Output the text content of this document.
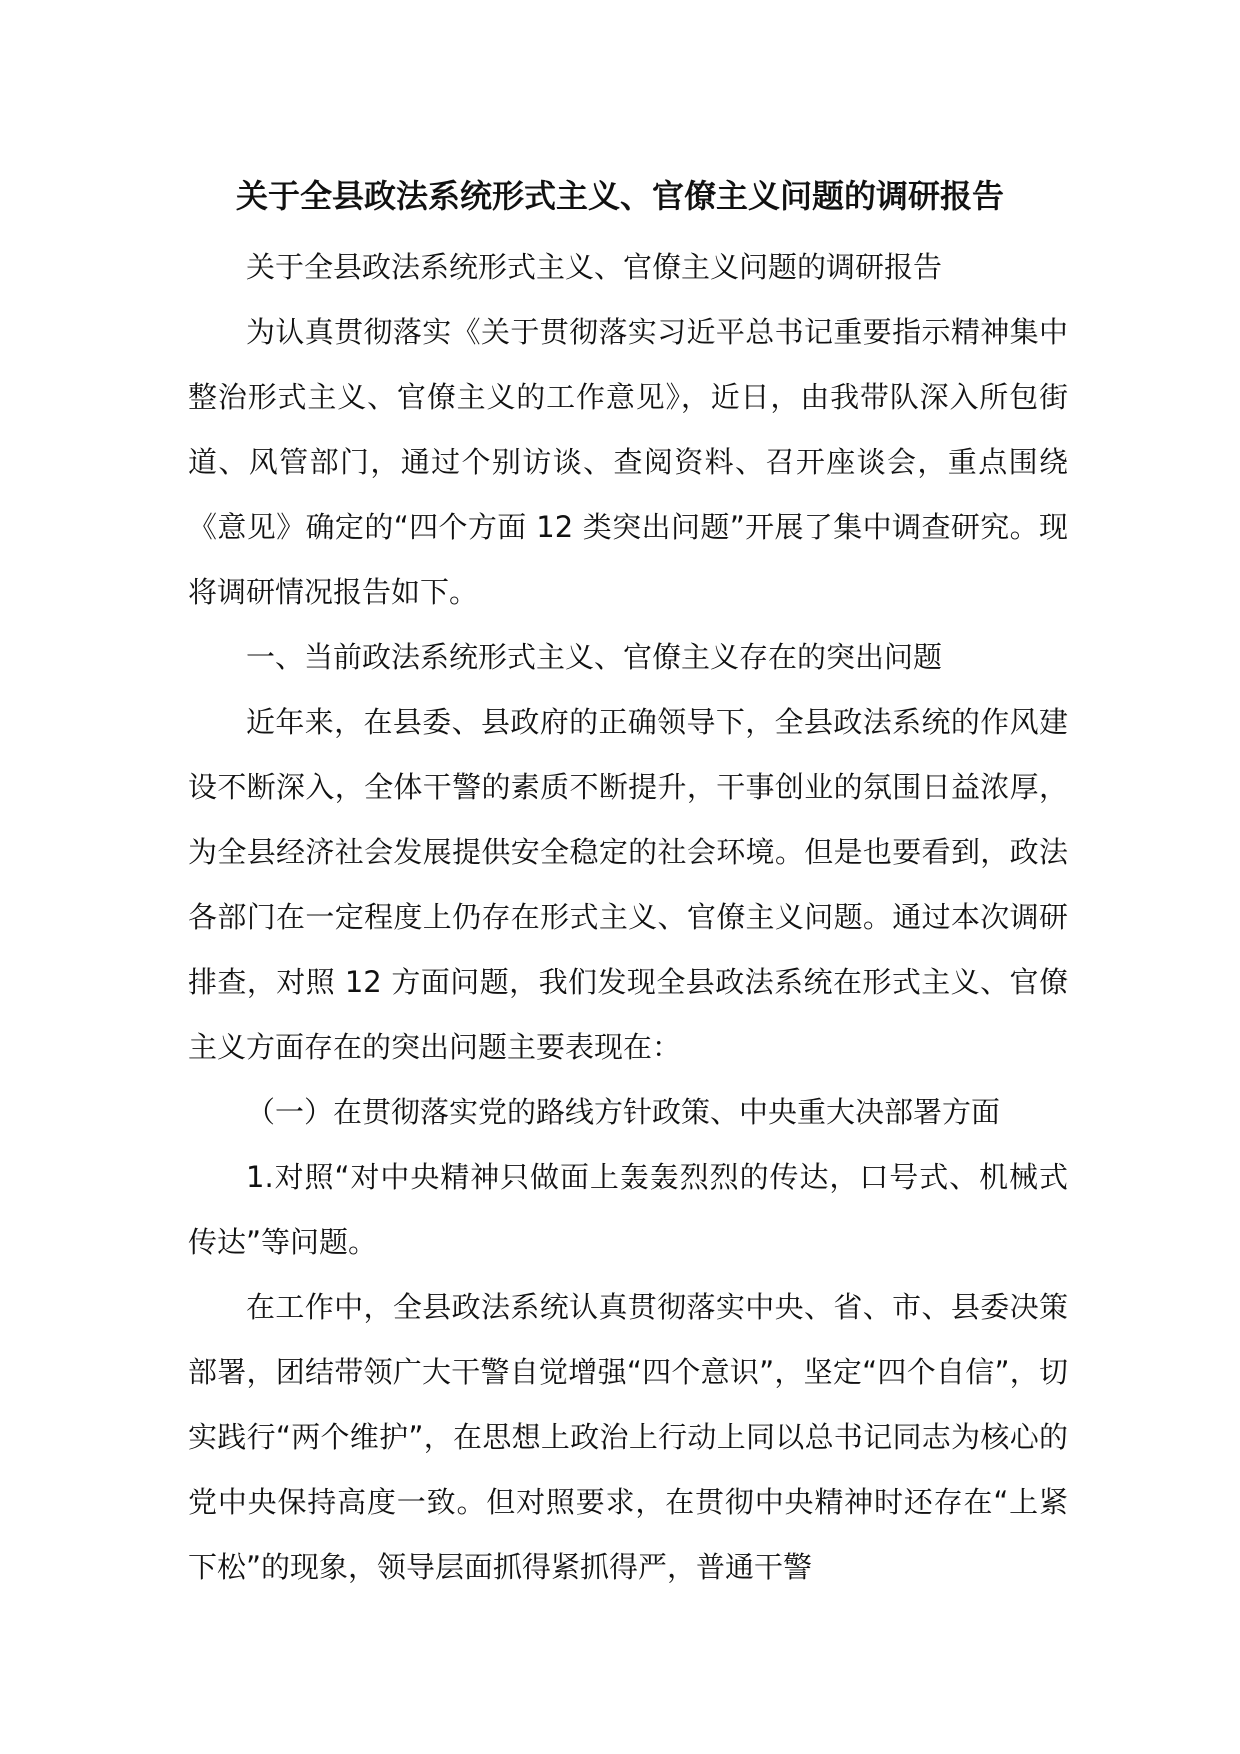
关于全县政法系统形式主义、官僚主义问题的调研报告

关于全县政法系统形式主义、官僚主义问题的调研报告

为认真贯彻落实《关于贯彻落实习近平总书记重要指示精神集中整治形式主义、官僚主义的工作意见》，近日，由我带队深入所包街道、风管部门，通过个别访谈、查阅资料、召开座谈会，重点围绕《意见》确定的“四个方面 12 类突出问题”开展了集中调查研究。现将调研情况报告如下。

一、当前政法系统形式主义、官僚主义存在的突出问题

近年来，在县委、县政府的正确领导下，全县政法系统的作风建设不断深入，全体干警的素质不断提升，干事创业的氛围日益浓厚，为全县经济社会发展提供安全稳定的社会环境。但是也要看到，政法各部门在一定程度上仍存在形式主义、官僚主义问题。通过本次调研排查，对照 12 方面问题，我们发现全县政法系统在形式主义、官僚主义方面存在的突出问题主要表现在：

（一）在贯彻落实党的路线方针政策、中央重大决部署方面

1.对照“对中央精神只做面上轰轰烈烈的传达，口号式、机械式传达”等问题。

在工作中，全县政法系统认真贯彻落实中央、省、市、县委决策部署，团结带领广大干警自觉增强“四个意识”，坚定“四个自信”，切实践行“两个维护”，在思想上政治上行动上同以总书记同志为核心的党中央保持高度一致。但对照要求，在贯彻中央精神时还存在“上紧下松”的现象，领导层面抓得紧抓得严，普通干警
